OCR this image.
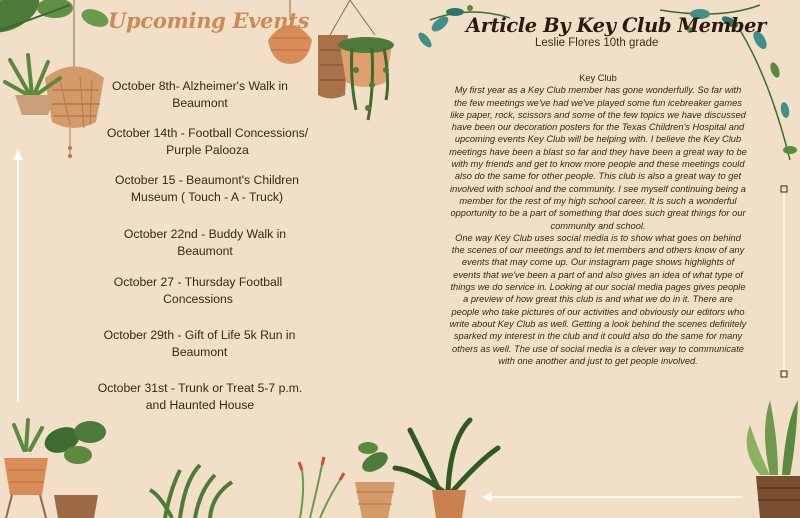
Upcoming Events
October 8th- Alzheimer's Walk in Beaumont
October 14th - Football Concessions/ Purple Palooza
October 15 - Beaumont's Children Museum ( Touch - A - Truck)
October 22nd - Buddy Walk in Beaumont
October 27 - Thursday Football Concessions
October 29th - Gift of Life 5k Run in Beaumont
October 31st - Trunk or Treat 5-7 p.m. and Haunted House
Article By Key Club Member
Leslie Flores 10th grade

Key Club

My first year as a Key Club member has gone wonderfully. So far with the few meetings we've had we've played some fun icebreaker games like paper, rock, scissors and some of the few topics we have discussed have been our decoration posters for the Texas Children's Hospital and upcoming events Key Club will be helping with. I believe the Key Club meetings have been a blast so far and they have been a great way to be with my friends and get to know more people and these meetings could also do the same for other people. This club is also a great way to get involved with school and the community. I see myself continuing being a member for the rest of my high school career. It is such a wonderful opportunity to be a part of something that does such great things for our community and school.

One way Key Club uses social media is to show what goes on behind the scenes of our meetings and to let members and others know of any events that may come up. Our instagram page shows highlights of events that we've been a part of and also gives an idea of what type of things we do service in. Looking at our social media pages gives people a preview of how great this club is and what we do in it. There are people who take pictures of our activities and obviously our editors who write about Key Club as well. Getting a look behind the scenes definitely sparked my interest in the club and it could also do the same for many others as well. The use of social media is a clever way to communicate with one another and just to get people involved.
